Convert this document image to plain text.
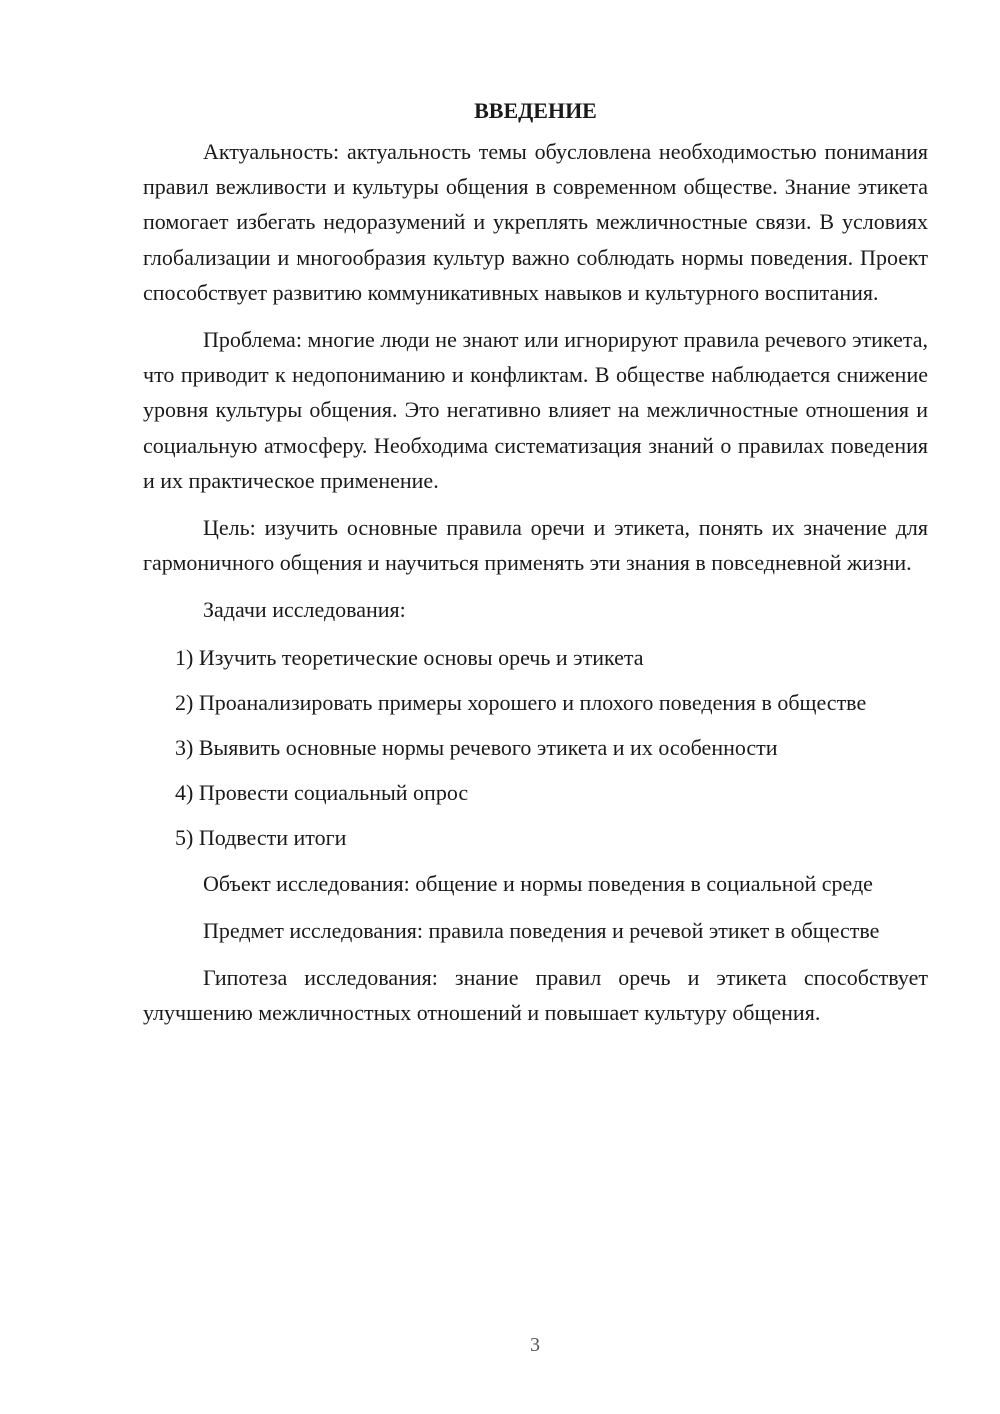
ВВЕДЕНИЕ

Актуальность: актуальность темы обусловлена необходимостью понимания правил вежливости и культуры общения в современном обществе. Знание этикета помогает избегать недоразумений и укреплять межличностные связи. В условиях глобализации и многообразия культур важно соблюдать нормы поведения. Проект способствует развитию коммуникативных навыков и культурного воспитания.

Проблема: многие люди не знают или игнорируют правила речевого этикета, что приводит к недопониманию и конфликтам. В обществе наблюдается снижение уровня культуры общения. Это негативно влияет на межличностные отношения и социальную атмосферу. Необходима систематизация знаний о правилах поведения и их практическое применение.

Цель: изучить основные правила оречи и этикета, понять их значение для гармоничного общения и научиться применять эти знания в повседневной жизни.

Задачи исследования:

1) Изучить теоретические основы оречь и этикета
2) Проанализировать примеры хорошего и плохого поведения в обществе
3) Выявить основные нормы речевого этикета и их особенности
4) Провести социальный опрос
5) Подвести итоги

Объект исследования: общение и нормы поведения в социальной среде

Предмет исследования: правила поведения и речевой этикет в обществе

Гипотеза исследования: знание правил оречь и этикета способствует улучшению межличностных отношений и повышает культуру общения.

3
